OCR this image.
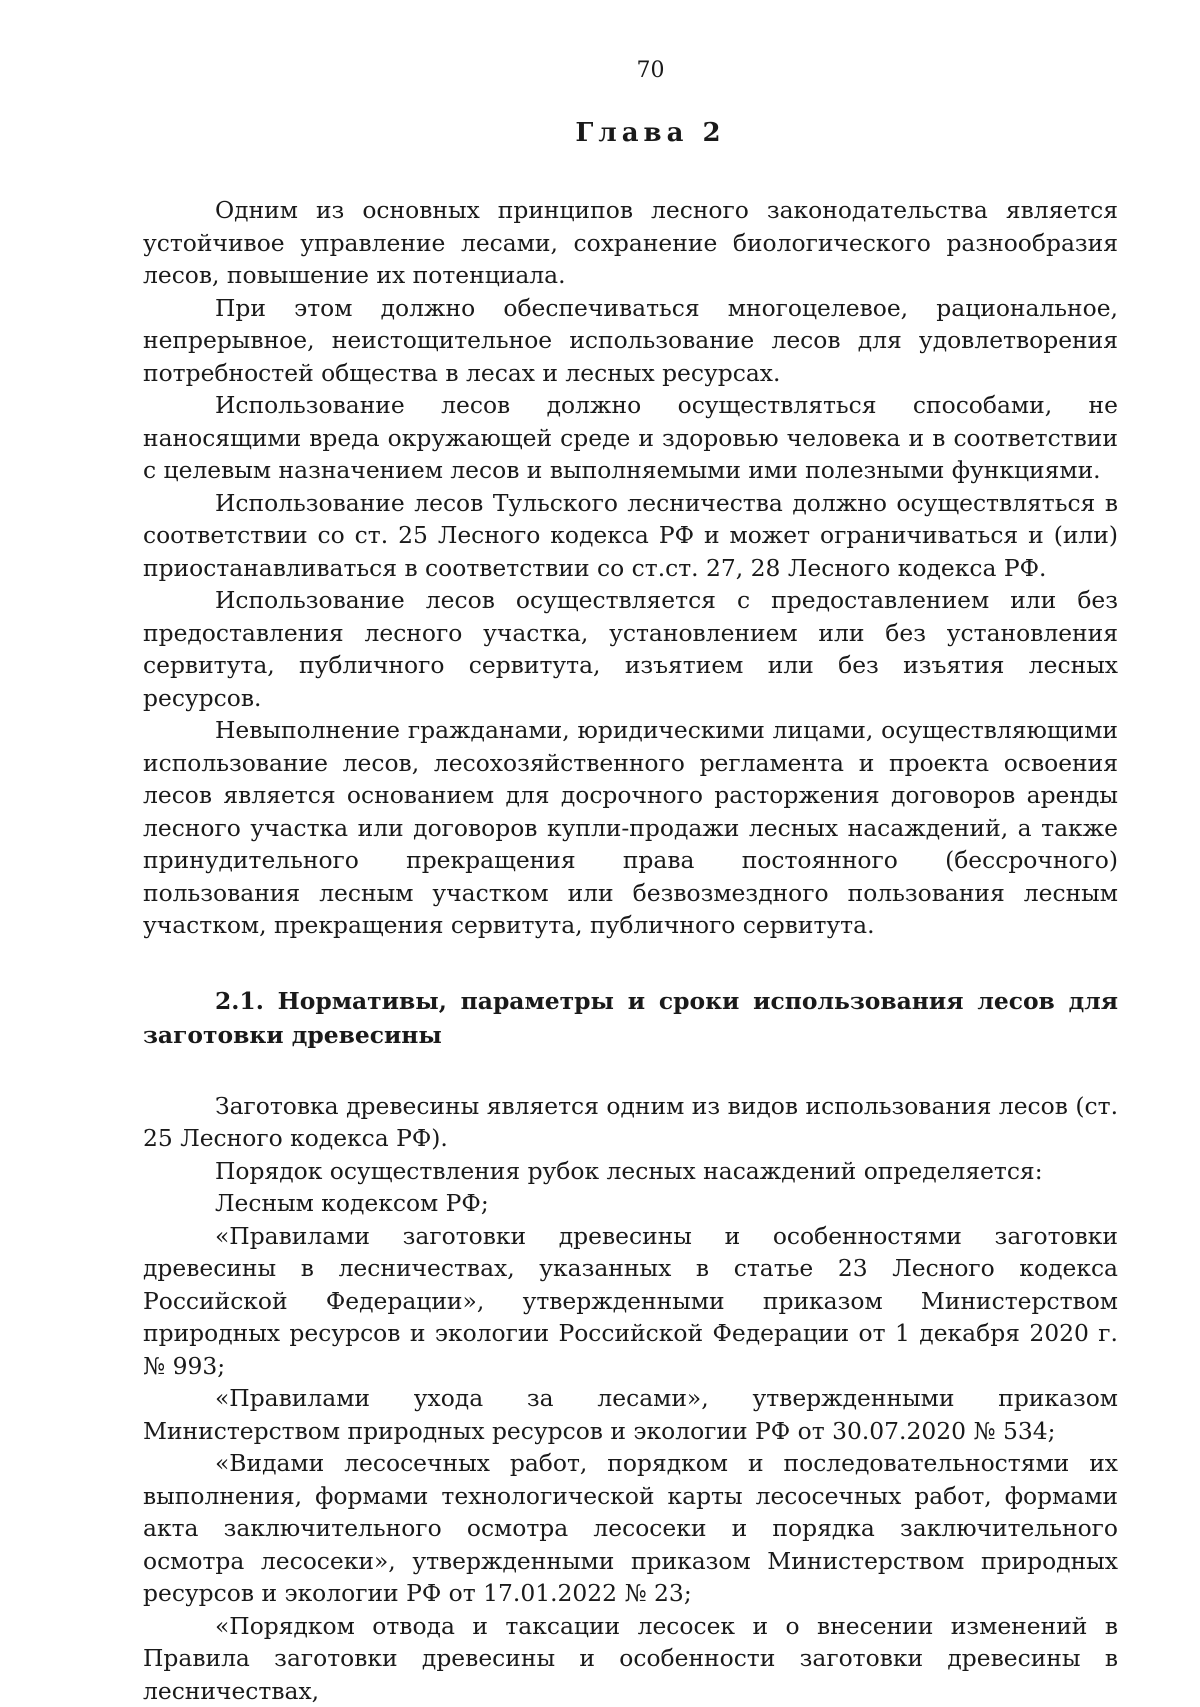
70
Глава 2

Одним из основных принципов лесного законодательства является устойчивое управление лесами, сохранение биологического разнообразия лесов, повышение их потенциала.

При этом должно обеспечиваться многоцелевое, рациональное, непрерывное, неистощительное использование лесов для удовлетворения потребностей общества в лесах и лесных ресурсах.

Использование лесов должно осуществляться способами, не наносящими вреда окружающей среде и здоровью человека и в соответствии с целевым назначением лесов и выполняемыми ими полезными функциями.

Использование лесов Тульского лесничества должно осуществляться в соответствии со ст. 25 Лесного кодекса РФ и может ограничиваться и (или) приостанавливаться в соответствии со ст.ст. 27, 28 Лесного кодекса РФ.

Использование лесов осуществляется с предоставлением или без предоставления лесного участка, установлением или без установления сервитута, публичного сервитута, изъятием или без изъятия лесных ресурсов.

Невыполнение гражданами, юридическими лицами, осуществляющими использование лесов, лесохозяйственного регламента и проекта освоения лесов является основанием для досрочного расторжения договоров аренды лесного участка или договоров купли-продажи лесных насаждений, а также принудительного прекращения права постоянного (бессрочного) пользования лесным участком или безвозмездного пользования лесным участком, прекращения сервитута, публичного сервитута.

2.1. Нормативы, параметры и сроки использования лесов для заготовки древесины

Заготовка древесины является одним из видов использования лесов (ст. 25 Лесного кодекса РФ).

Порядок осуществления рубок лесных насаждений определяется:

Лесным кодексом РФ;

«Правилами заготовки древесины и особенностями заготовки древесины в лесничествах, указанных в статье 23 Лесного кодекса Российской Федерации», утвержденными приказом Министерством природных ресурсов и экологии Российской Федерации от 1 декабря 2020 г. № 993;

«Правилами ухода за лесами», утвержденными приказом Министерством природных ресурсов и экологии РФ от 30.07.2020 № 534;

«Видами лесосечных работ, порядком и последовательностями их выполнения, формами технологической карты лесосечных работ, формами акта заключительного осмотра лесосеки и порядка заключительного осмотра лесосеки», утвержденными приказом Министерством природных ресурсов и экологии РФ от 17.01.2022 № 23;

«Порядком отвода и таксации лесосек и о внесении изменений в Правила заготовки древесины и особенности заготовки древесины в лесничествах,
